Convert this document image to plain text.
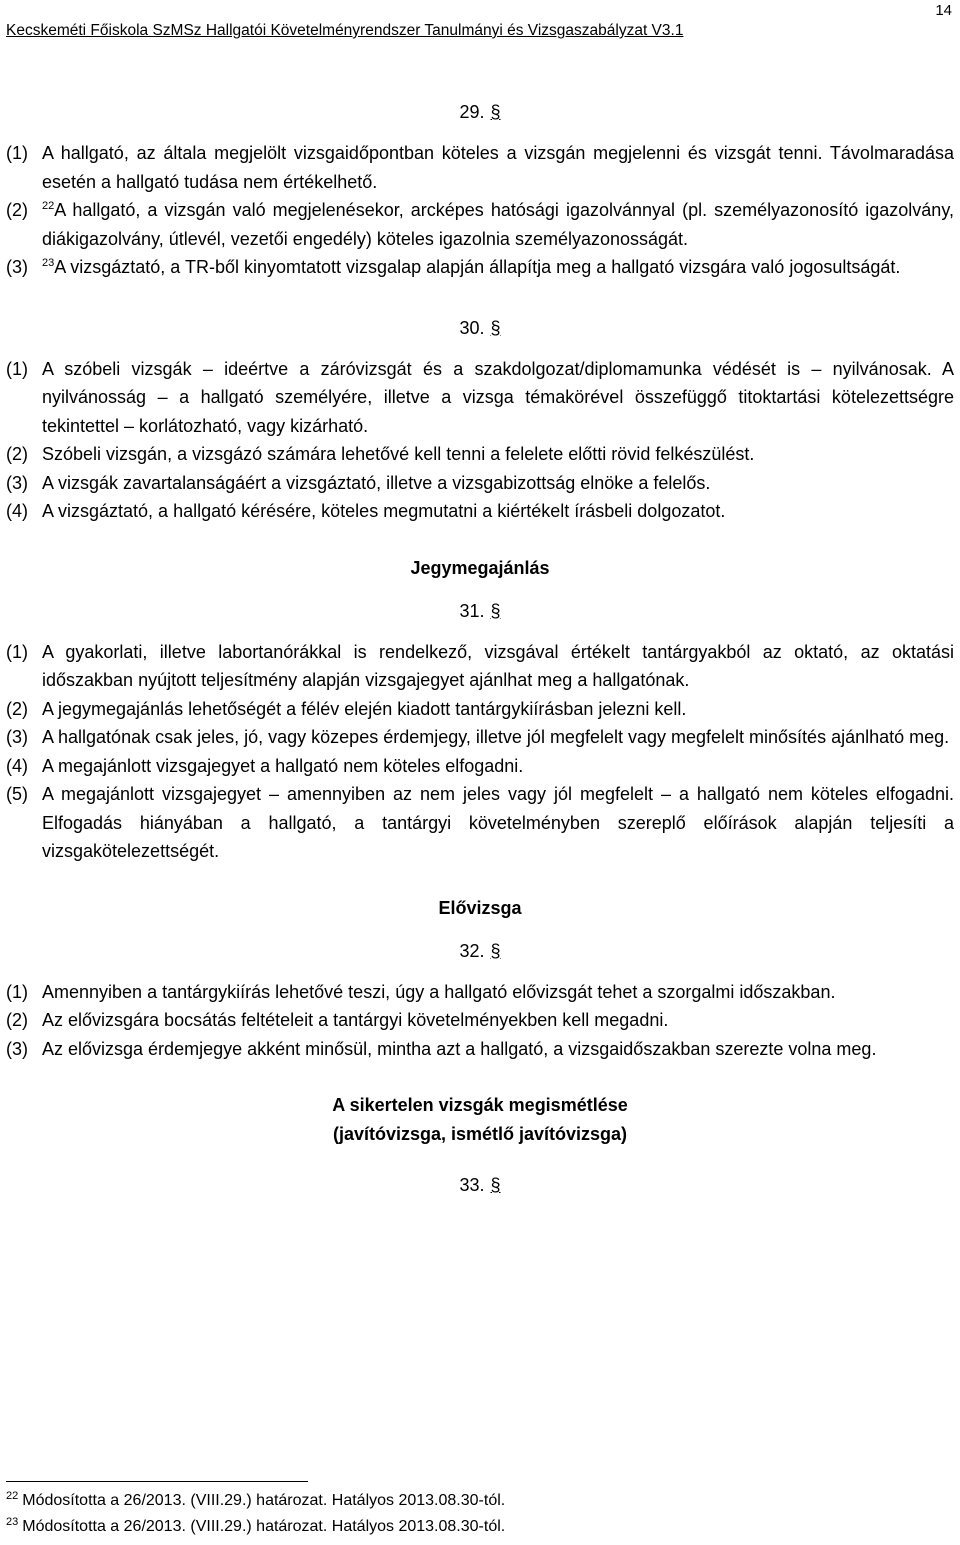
14
Kecskeméti Főiskola SzMSz Hallgatói Követelményrendszer Tanulmányi és Vizsgaszabályzat V3.1
29. §
(1) A hallgató, az általa megjelölt vizsgaidőpontban köteles a vizsgán megjelenni és vizsgát tenni. Távolmaradása esetén a hallgató tudása nem értékelhető.
(2)	$^{22}$A hallgató, a vizsgán való megjelenésekor, arcképes hatósági igazolvánnyal (pl. személyazonosító igazolvány, diákigazolvány, útlevél, vezetői engedély) köteles igazolnia személyazonosságát.
(3)	$^{23}$A vizsgáztató, a TR-ből kinyomtatott vizsgalap alapján állapítja meg a hallgató vizsgára való jogosultságát.
30. §
(1) A szóbeli vizsgák – ideértve a záróvizsgát és a szakdolgozat/diplomamunka védését is – nyilvánosak. A nyilvánosság – a hallgató személyére, illetve a vizsga témakörével összefüggő titoktartási kötelezettségre tekintettel – korlátozható, vagy kizárható.
(2) Szóbeli vizsgán, a vizsgázó számára lehetővé kell tenni a felelete előtti rövid felkészülést.
(3) A vizsgák zavartalanságáért a vizsgáztató, illetve a vizsgabizottság elnöke a felelős.
(4) A vizsgáztató, a hallgató kérésére, köteles megmutatni a kiértékelt írásbeli dolgozatot.
Jegymegajánlás
31. §
(1) A gyakorlati, illetve labortanórákkal is rendelkező, vizsgával értékelt tantárgyakból az oktató, az oktatási időszakban nyújtott teljesítmény alapján vizsgajegyet ajánlhat meg a hallgatónak.
(2) A jegymegajánlás lehetőségét a félév elején kiadott tantárgykiírásban jelezni kell.
(3) A hallgatónak csak jeles, jó, vagy közepes érdemjegy, illetve jól megfelelt vagy megfelelt minősítés ajánlható meg.
(4) A megajánlott vizsgajegyet a hallgató nem köteles elfogadni.
(5) A megajánlott vizsgajegyet – amennyiben az nem jeles vagy jól megfelelt – a hallgató nem köteles elfogadni. Elfogadás hiányában a hallgató, a tantárgyi követelményben szereplő előírások alapján teljesíti a vizsgakötelezettségét.
Elővizsga
32. §
(1) Amennyiben a tantárgykiírás lehetővé teszi, úgy a hallgató elővizsgát tehet a szorgalmi időszakban.
(2) Az elővizsgára bocsátás feltételeit a tantárgyi követelményekben kell megadni.
(3) Az elővizsga érdemjegye akként minősül, mintha azt a hallgató, a vizsgaidőszakban szerezte volna meg.
A sikertelen vizsgák megismétlése
(javítóvizsga, ismétlő javítóvizsga)
33. §
$^{22}$ Módosította a 26/2013. (VIII.29.) határozat. Hatályos 2013.08.30-tól.
$^{23}$ Módosította a 26/2013. (VIII.29.) határozat. Hatályos 2013.08.30-tól.
